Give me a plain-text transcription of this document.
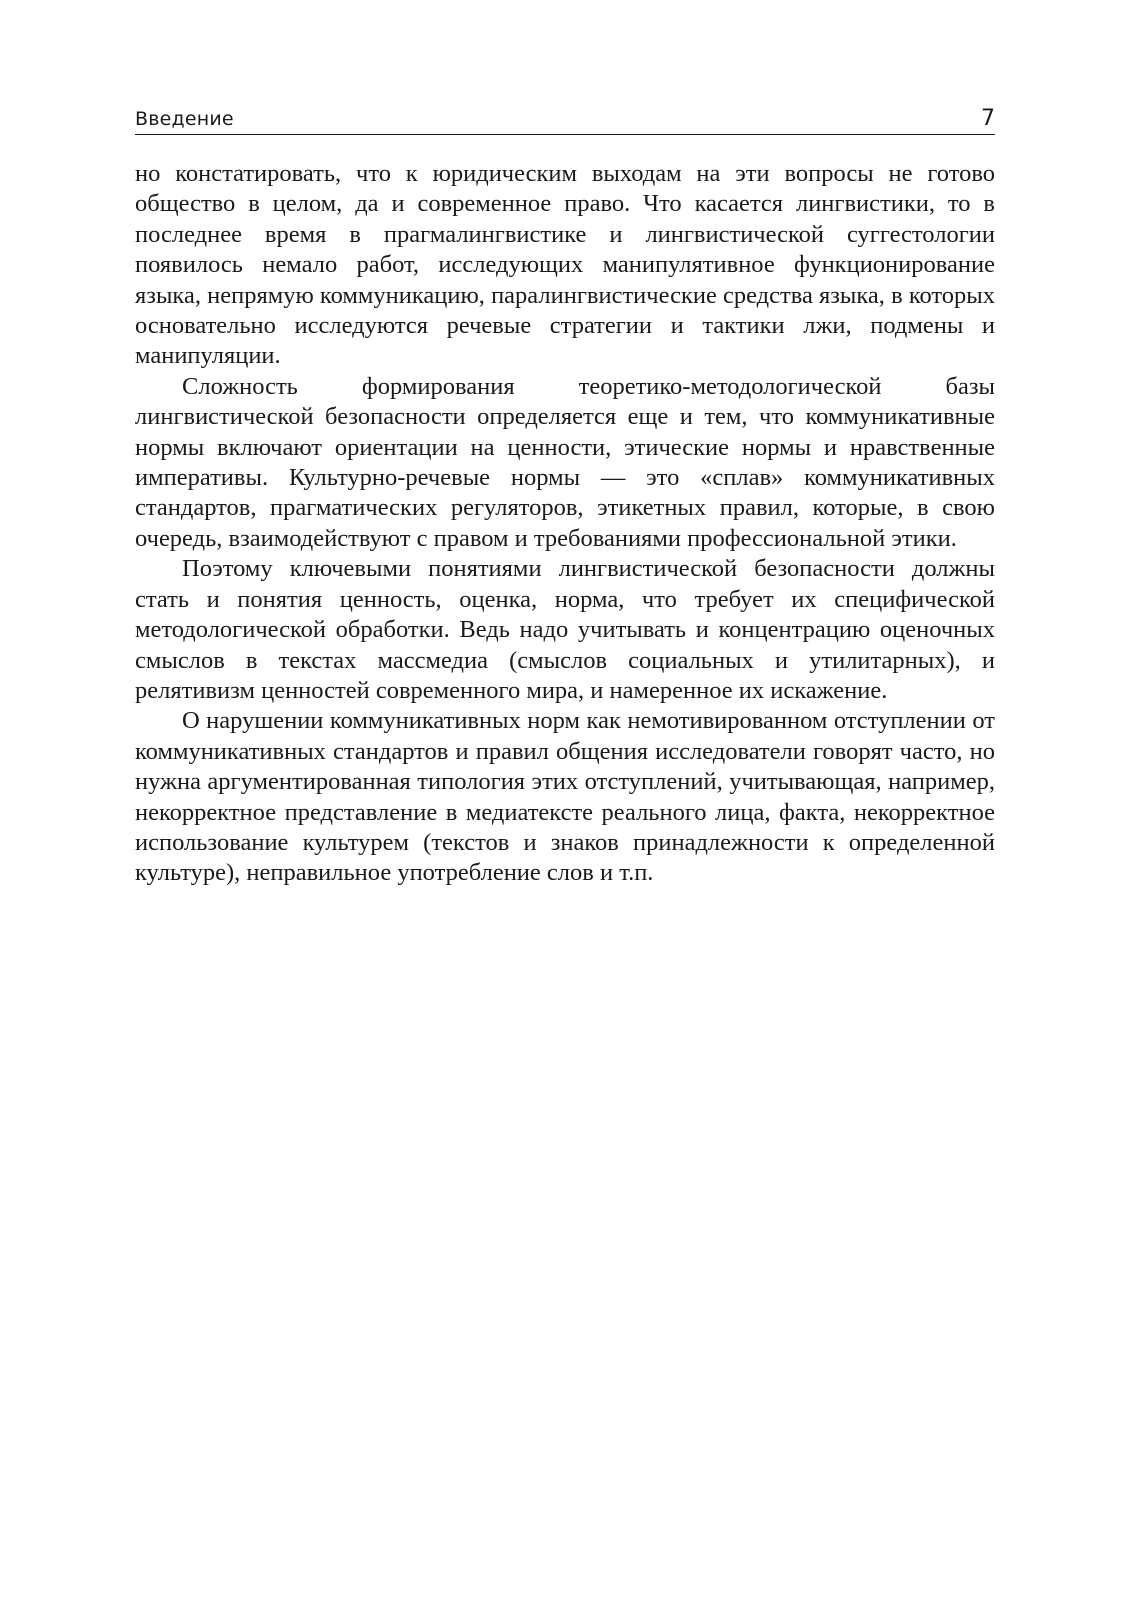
Введение	7

но констатировать, что к юридическим выходам на эти вопросы не готово общество в целом, да и современное право. Что касается лингвистики, то в последнее время в прагмалингвистике и лингвистической суггестологии появилось немало работ, исследующих манипулятивное функционирование языка, непрямую коммуникацию, паралингвистические средства языка, в которых основательно исследуются речевые стратегии и тактики лжи, подмены и манипуляции.

Сложность формирования теоретико-методологической базы лингвистической безопасности определяется еще и тем, что коммуникативные нормы включают ориентации на ценности, этические нормы и нравственные императивы. Культурно-речевые нормы — это «сплав» коммуникативных стандартов, прагматических регуляторов, этикетных правил, которые, в свою очередь, взаимодействуют с правом и требованиями профессиональной этики.

Поэтому ключевыми понятиями лингвистической безопасности должны стать и понятия ценность, оценка, норма, что требует их специфической методологической обработки. Ведь надо учитывать и концентрацию оценочных смыслов в текстах массмедиа (смыслов социальных и утилитарных), и релятивизм ценностей современного мира, и намеренное их искажение.

О нарушении коммуникативных норм как немотивированном отступлении от коммуникативных стандартов и правил общения исследователи говорят часто, но нужна аргументированная типология этих отступлений, учитывающая, например, некорректное представление в медиатексте реального лица, факта, некорректное использование культурем (текстов и знаков принадлежности к определенной культуре), неправильное употребление слов и т.п.
